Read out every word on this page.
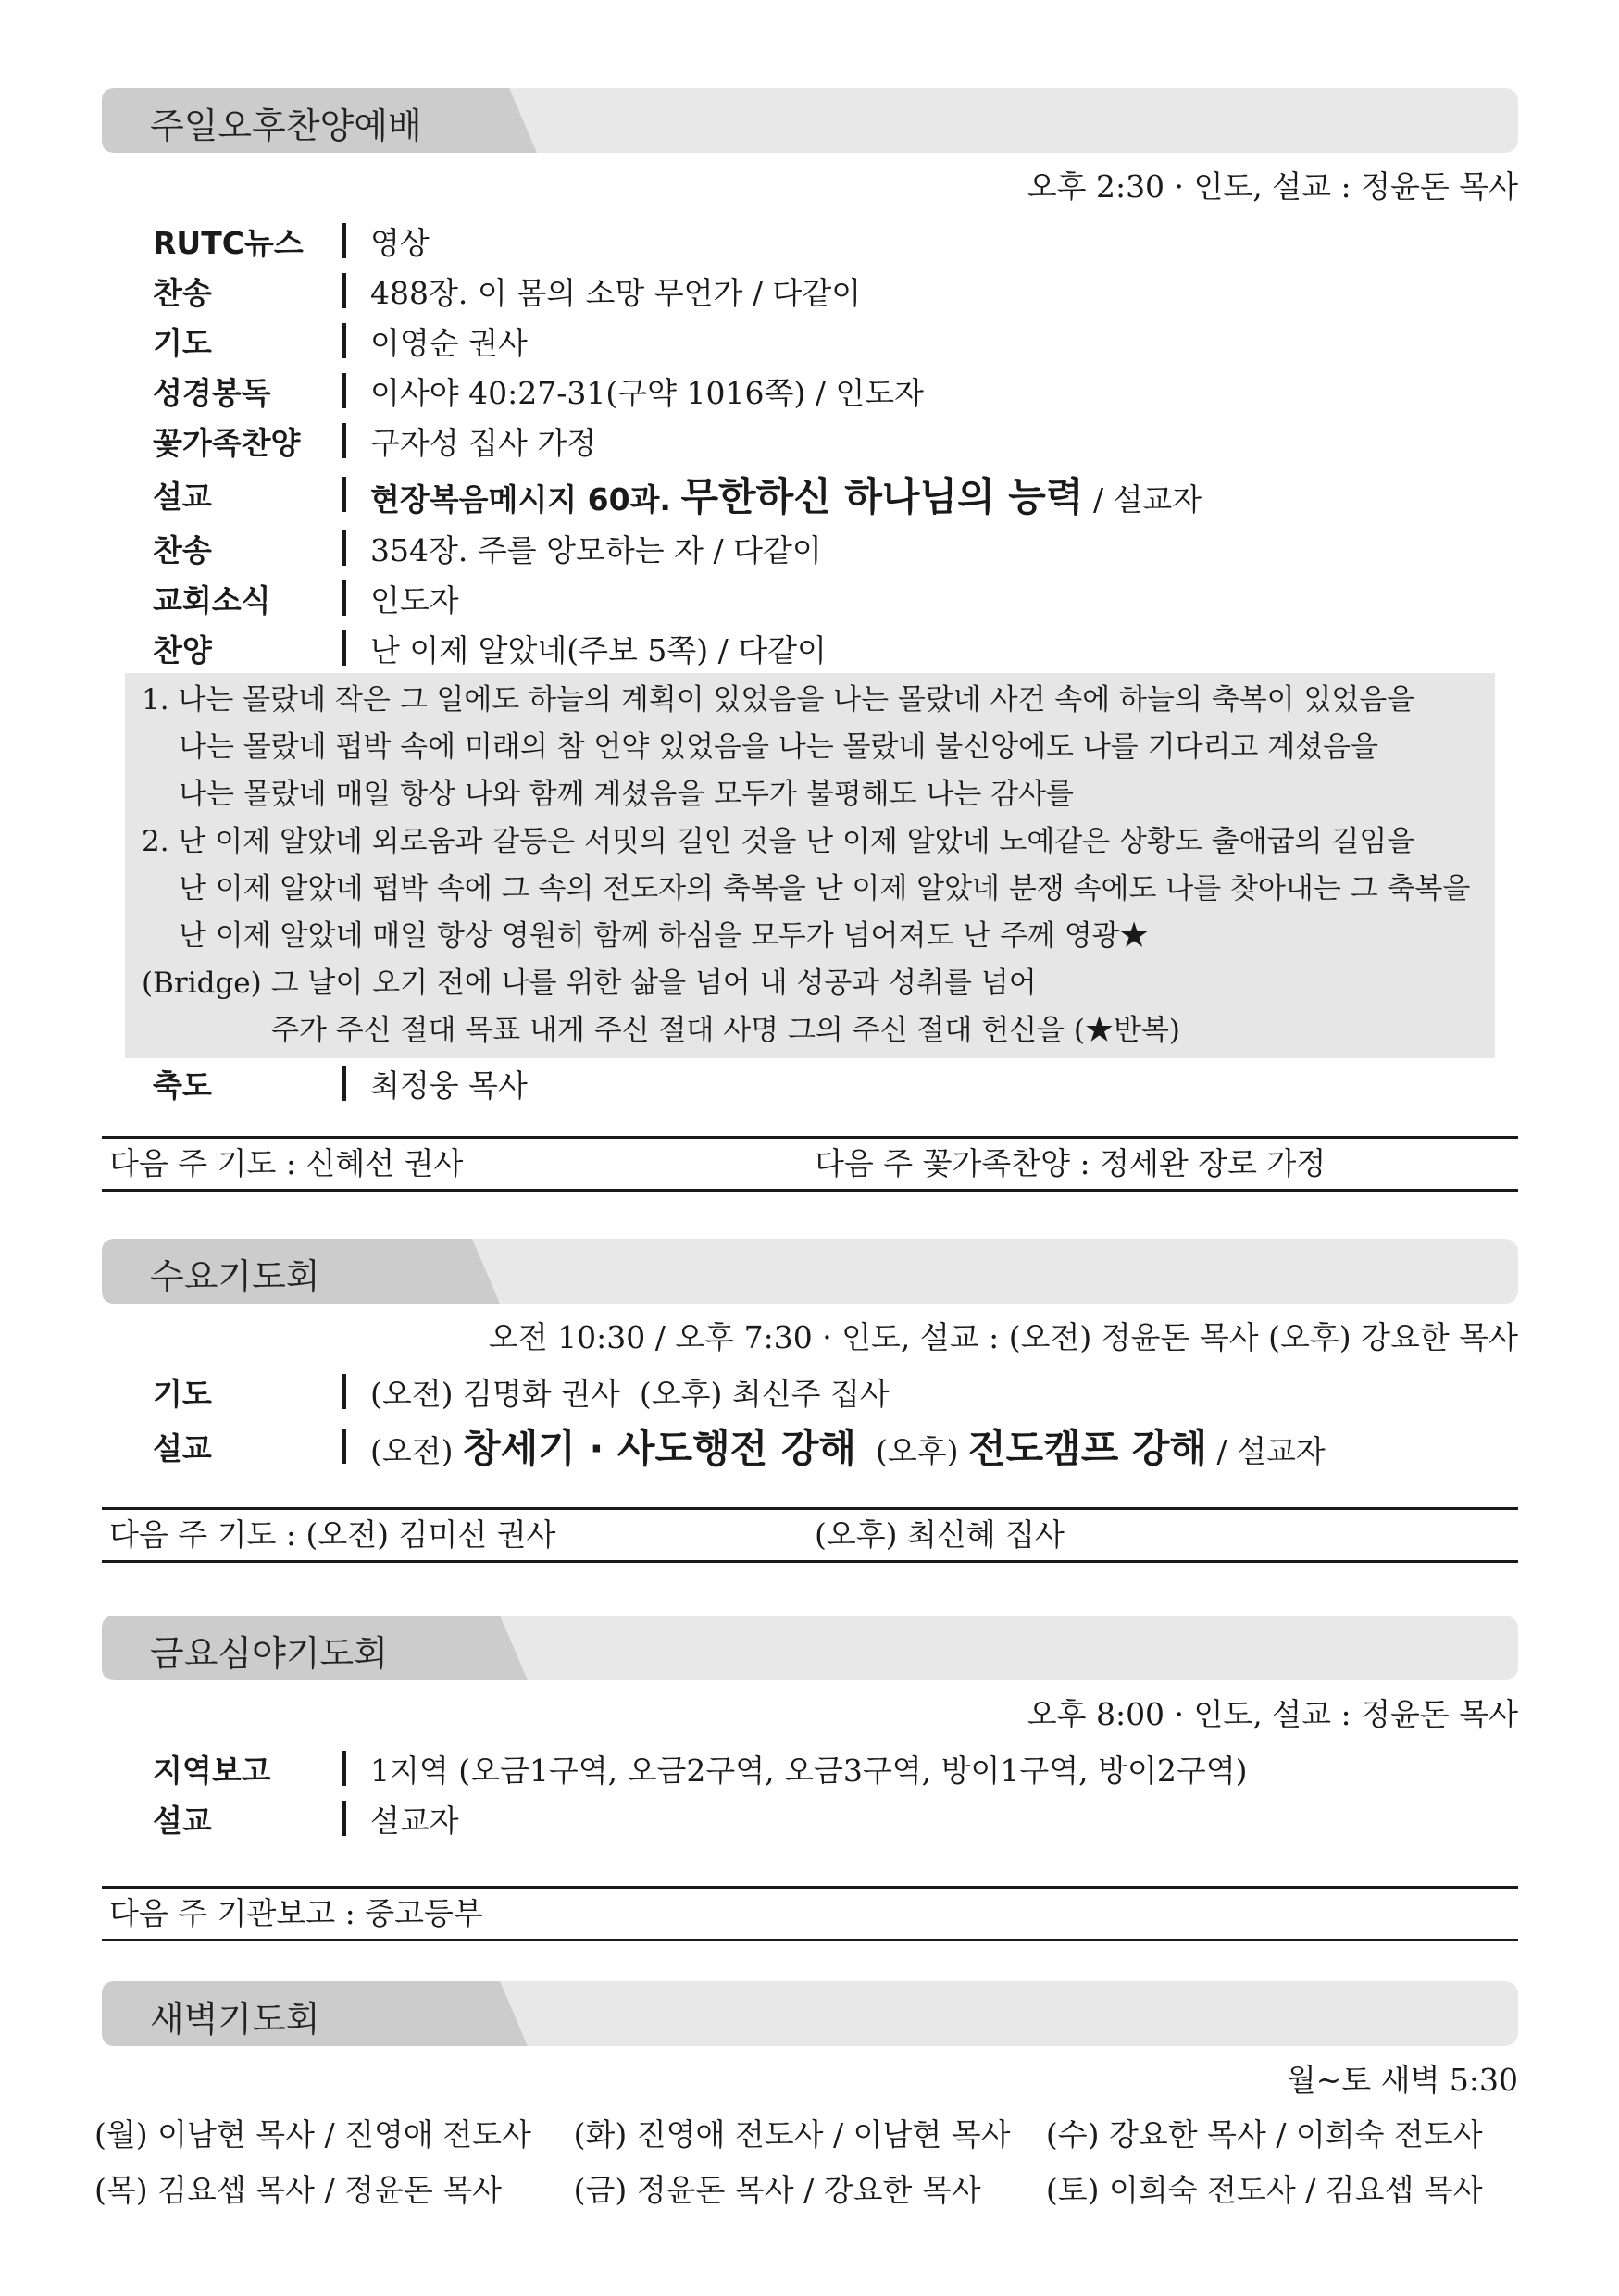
주일오후찬양예배
오후 2:30 · 인도, 설교 : 정윤돈 목사
RUTC뉴스	영상
찬송	488장. 이 몸의 소망 무언가 / 다같이
기도	이영순 권사
성경봉독	이사야 40:27-31(구약 1016쪽) / 인도자
꽃가족찬양	구자성 집사 가정
설교	현장복음메시지 60과. 무한하신 하나님의 능력 / 설교자
찬송	354장. 주를 앙모하는 자 / 다같이
교회소식	인도자
찬양	난 이제 알았네(주보 5쪽) / 다같이
1. 나는 몰랐네 작은 그 일에도 하늘의 계획이 있었음을 나는 몰랐네 사건 속에 하늘의 축복이 있었음을
나는 몰랐네 펍박 속에 미래의 참 언약 있었음을 나는 몰랐네 불신앙에도 나를 기다리고 계셨음을
나는 몰랐네 매일 항상 나와 함께 계셨음을 모두가 불평해도 나는 감사를
2. 난 이제 알았네 외로움과 갈등은 서밋의 길인 것을 난 이제 알았네 노예같은 상황도 출애굽의 길임을
난 이제 알았네 펍박 속에 그 속의 전도자의 축복을 난 이제 알았네 분쟁 속에도 나를 찾아내는 그 축복을
난 이제 알았네 매일 항상 영원히 함께 하심을 모두가 넘어져도 난 주께 영광★
(Bridge) 그 날이 오기 전에 나를 위한 삶을 넘어 내 성공과 성취를 넘어
주가 주신 절대 목표 내게 주신 절대 사명 그의 주신 절대 헌신을 (★반복)
축도	최정웅 목사
다음 주 기도 : 신혜선 권사	다음 주 꽃가족찬양 : 정세완 장로 가정
수요기도회
오전 10:30 / 오후 7:30 · 인도, 설교 : (오전) 정윤돈 목사 (오후) 강요한 목사
기도	(오전) 김명화 권사  (오후) 최신주 집사
설교	(오전) 창세기 · 사도행전 강해 (오후) 전도캠프 강해 / 설교자
다음 주 기도 : (오전) 김미선 권사	(오후) 최신혜 집사
금요심야기도회
오후 8:00 · 인도, 설교 : 정윤돈 목사
지역보고	1지역 (오금1구역, 오금2구역, 오금3구역, 방이1구역, 방이2구역)
설교	설교자
다음 주 기관보고 : 중고등부
새벽기도회
월~토 새벽 5:30
(월) 이남현 목사 / 진영애 전도사	(화) 진영애 전도사 / 이남현 목사	(수) 강요한 목사 / 이희숙 전도사
(목) 김요셉 목사 / 정윤돈 목사	(금) 정윤돈 목사 / 강요한 목사	(토) 이희숙 전도사 / 김요셉 목사
